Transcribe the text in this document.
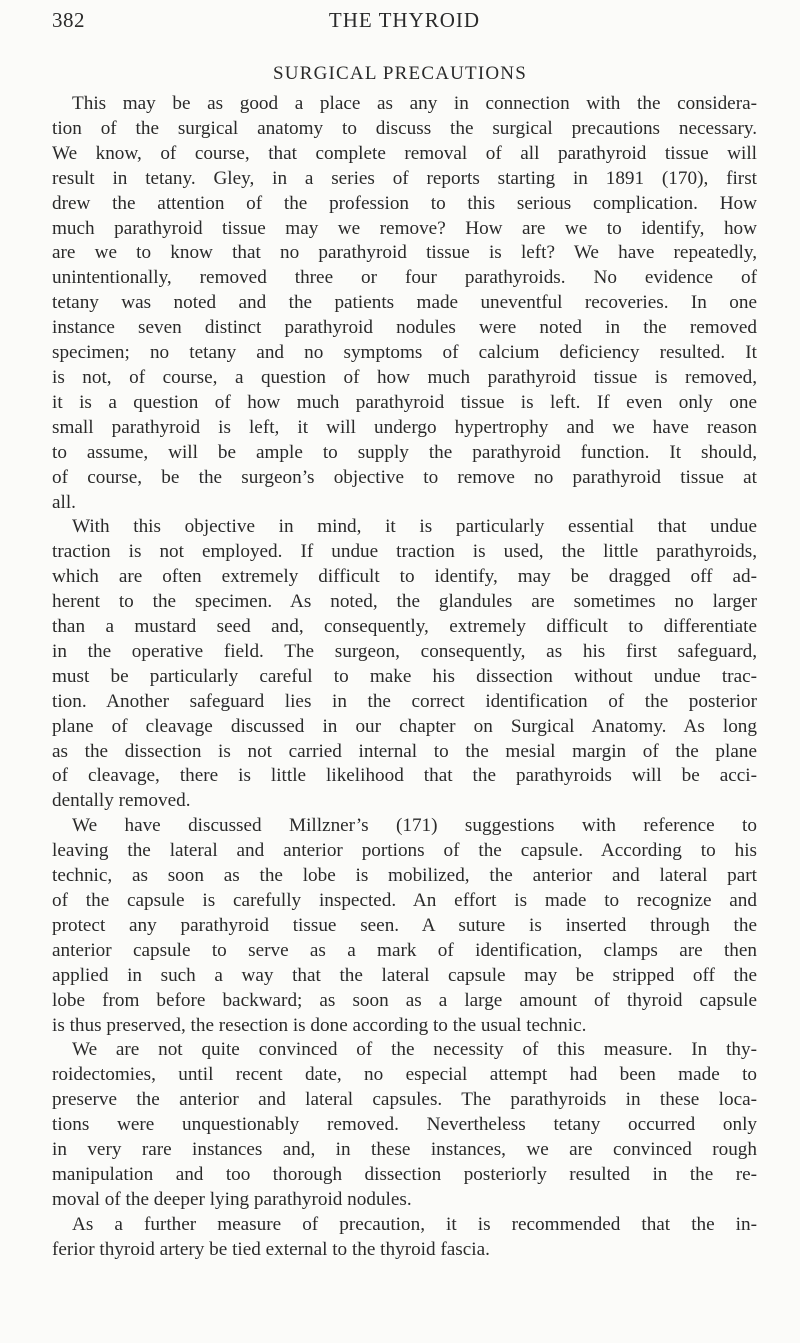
382	THE THYROID
SURGICAL PRECAUTIONS
This may be as good a place as any in connection with the considera-
tion of the surgical anatomy to discuss the surgical precautions necessary.
We know, of course, that complete removal of all parathyroid tissue will
result in tetany. Gley, in a series of reports starting in 1891 (170), first
drew the attention of the profession to this serious complication. How
much parathyroid tissue may we remove? How are we to identify, how
are we to know that no parathyroid tissue is left? We have repeatedly,
unintentionally, removed three or four parathyroids. No evidence of
tetany was noted and the patients made uneventful recoveries. In one
instance seven distinct parathyroid nodules were noted in the removed
specimen; no tetany and no symptoms of calcium deficiency resulted. It
is not, of course, a question of how much parathyroid tissue is removed,
it is a question of how much parathyroid tissue is left. If even only one
small parathyroid is left, it will undergo hypertrophy and we have reason
to assume, will be ample to supply the parathyroid function. It should,
of course, be the surgeon’s objective to remove no parathyroid tissue at
all.
With this objective in mind, it is particularly essential that undue
traction is not employed. If undue traction is used, the little parathyroids,
which are often extremely difficult to identify, may be dragged off ad-
herent to the specimen. As noted, the glandules are sometimes no larger
than a mustard seed and, consequently, extremely difficult to differentiate
in the operative field. The surgeon, consequently, as his first safeguard,
must be particularly careful to make his dissection without undue trac-
tion. Another safeguard lies in the correct identification of the posterior
plane of cleavage discussed in our chapter on Surgical Anatomy. As long
as the dissection is not carried internal to the mesial margin of the plane
of cleavage, there is little likelihood that the parathyroids will be acci-
dentally removed.
We have discussed Millzner’s (171) suggestions with reference to
leaving the lateral and anterior portions of the capsule. According to his
technic, as soon as the lobe is mobilized, the anterior and lateral part
of the capsule is carefully inspected. An effort is made to recognize and
protect any parathyroid tissue seen. A suture is inserted through the
anterior capsule to serve as a mark of identification, clamps are then
applied in such a way that the lateral capsule may be stripped off the
lobe from before backward; as soon as a large amount of thyroid capsule
is thus preserved, the resection is done according to the usual technic.
We are not quite convinced of the necessity of this measure. In thy-
roidectomies, until recent date, no especial attempt had been made to
preserve the anterior and lateral capsules. The parathyroids in these loca-
tions were unquestionably removed. Nevertheless tetany occurred only
in very rare instances and, in these instances, we are convinced rough
manipulation and too thorough dissection posteriorly resulted in the re-
moval of the deeper lying parathyroid nodules.
As a further measure of precaution, it is recommended that the in-
ferior thyroid artery be tied external to the thyroid fascia.
